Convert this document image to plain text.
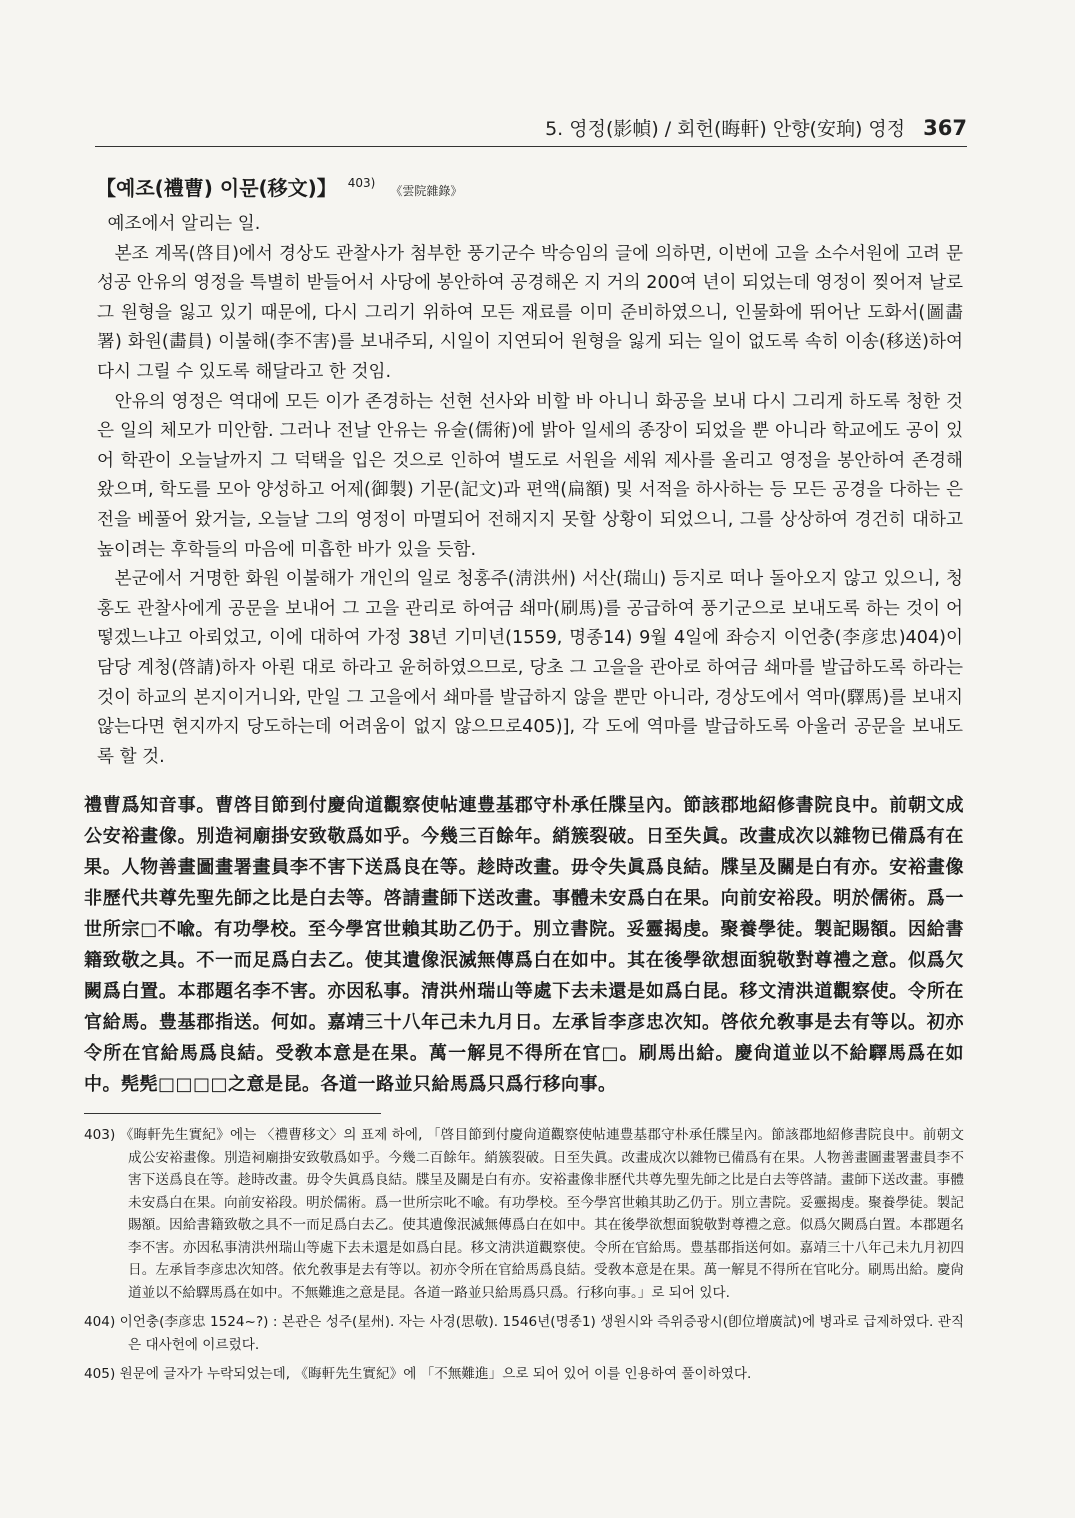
5. 영정(影幀) / 회헌(晦軒) 안향(安珦) 영정 367
【예조(禮曹) 이문(移文)】 $^{403)}$ 《雲院雜錄》

예조에서 알리는 일.

본조 계목(啓目)에서 경상도 관찰사가 첨부한 풍기군수 박승임의 글에 의하면, 이번에 고을 소수서원에 고려 문성공 안유의 영정을 특별히 받들어서 사당에 봉안하여 공경해온 지 거의 200여 년이 되었는데 영정이 찢어져 날로 그 원형을 잃고 있기 때문에, 다시 그리기 위하여 모든 재료를 이미 준비하였으니, 인물화에 뛰어난 도화서(圖畵署) 화원(畵員) 이불해(李不害)를 보내주되, 시일이 지연되어 원형을 잃게 되는 일이 없도록 속히 이송(移送)하여 다시 그릴 수 있도록 해달라고 한 것임.

안유의 영정은 역대에 모든 이가 존경하는 선현 선사와 비할 바 아니니 화공을 보내 다시 그리게 하도록 청한 것은 일의 체모가 미안함. 그러나 전날 안유는 유술(儒術)에 밝아 일세의 종장이 되었을 뿐 아니라 학교에도 공이 있어 학관이 오늘날까지 그 덕택을 입은 것으로 인하여 별도로 서원을 세워 제사를 올리고 영정을 봉안하여 존경해 왔으며, 학도를 모아 양성하고 어제(御製) 기문(記文)과 편액(扁額) 및 서적을 하사하는 등 모든 공경을 다하는 은전을 베풀어 왔거늘, 오늘날 그의 영정이 마멸되어 전해지지 못할 상황이 되었으니, 그를 상상하여 경건히 대하고 높이려는 후학들의 마음에 미흡한 바가 있을 듯함.

본군에서 거명한 화원 이불해가 개인의 일로 청홍주(淸洪州) 서산(瑞山) 등지로 떠나 돌아오지 않고 있으니, 청홍도 관찰사에게 공문을 보내어 그 고을 관리로 하여금 쇄마(刷馬)를 공급하여 풍기군으로 보내도록 하는 것이 어떻겠느냐고 아뢰었고, 이에 대하여 가정 38년 기미년(1559, 명종14) 9월 4일에 좌승지 이언충(李彦忠)404)이 담당 계청(啓請)하자 아뢴 대로 하라고 윤허하였으므로, 당초 그 고을을 관아로 하여금 쇄마를 발급하도록 하라는 것이 하교의 본지이거니와, 만일 그 고을에서 쇄마를 발급하지 않을 뿐만 아니라, 경상도에서 역마(驛馬)를 보내지 않는다면 현지까지 당도하는데 어려움이 없지 않으므로405)], 각 도에 역마를 발급하도록 아울러 공문을 보내도록 할 것.

禮曹爲知音事。曹啓目節到付慶尙道觀察使帖連豊基郡守朴承任牒呈內。節該郡地紹修書院良中。前朝文成公安裕畫像。別造祠廟掛安致敬爲如乎。今幾三百餘年。綃簇裂破。日至失眞。改畫成次以雜物已備爲有在果。人物善畫圖畫署畫員李不害下送爲良在等。趁時改畫。毋令失眞爲良結。牒呈及關是白有亦。安裕畫像非歷代共尊先聖先師之比是白去等。啓請畫師下送改畫。事體未安爲白在果。向前安裕段。明於儒術。爲一世所宗□不喩。有功學校。至今學宮世賴其助乙仍于。別立書院。妥靈揭虔。聚養學徒。製記賜額。因給書籍致敬之具。不一而足爲白去乙。使其遺像泯滅無傳爲白在如中。其在後學欲想面貌敬對尊禮之意。似爲欠闕爲白置。本郡題名李不害。亦因私事。清洪州瑞山等處下去未還是如爲白昆。移文清洪道觀察使。令所在官給馬。豊基郡指送。何如。嘉靖三十八年己未九月日。左承旨李彦忠次知。啓依允敎事是去有等以。初亦令所在官給馬爲良結。受敎本意是在果。萬一解見不得所在官□。刷馬出給。慶尙道並以不給驛馬爲在如中。髡髡□□□□之意是昆。各道一路並只給馬爲只爲行移向事。
403) 《晦軒先生實紀》에는 〈禮曹移文〉의 표제 하에, 「啓目節到付慶尙道觀察使帖連豊基郡守朴承任牒呈內。節該郡地紹修書院良中。前朝文成公安裕畫像。別造祠廟掛安致敬爲如乎。今幾二百餘年。綃簇裂破。日至失眞。改畫成次以雜物已備爲有在果。人物善畫圖畫署畫員李不害下送爲良在等。趁時改畫。毋令失眞爲良結。牒呈及關是白有亦。安裕畫像非歷代共尊先聖先師之比是白去等啓請。畫師下送改畫。事體未安爲白在果。向前安裕段。明於儒術。爲一世所宗叱不喩。有功學校。至今學宮世賴其助乙仍于。別立書院。妥靈揭虔。聚養學徒。製記賜額。因給書籍致敬之具不一而足爲白去乙。使其遺像泯滅無傳爲白在如中。其在後學欲想面貌敬對尊禮之意。似爲欠闕爲白置。本郡題名李不害。亦因私事淸洪州瑞山等處下去未還是如爲白昆。移文淸洪道觀察使。令所在官給馬。豊基郡指送何如。嘉靖三十八年己未九月初四日。左承旨李彦忠次知啓。依允敎事是去有等以。初亦令所在官給馬爲良結。受敎本意是在果。萬一解見不得所在官叱分。刷馬出給。慶尙道並以不給驛馬爲在如中。不無難進之意是昆。各道一路並只給馬爲只爲。行移向事。」로 되어 있다.
404) 이언충(李彦忠 1524~?) : 본관은 성주(星州). 자는 사경(思敬). 1546년(명종1) 생원시와 즉위증광시(卽位增廣試)에 병과로 급제하였다. 관직은 대사헌에 이르렀다.
405) 원문에 글자가 누락되었는데, 《晦軒先生實紀》에 「不無難進」으로 되어 있어 이를 인용하여 풀이하였다.
